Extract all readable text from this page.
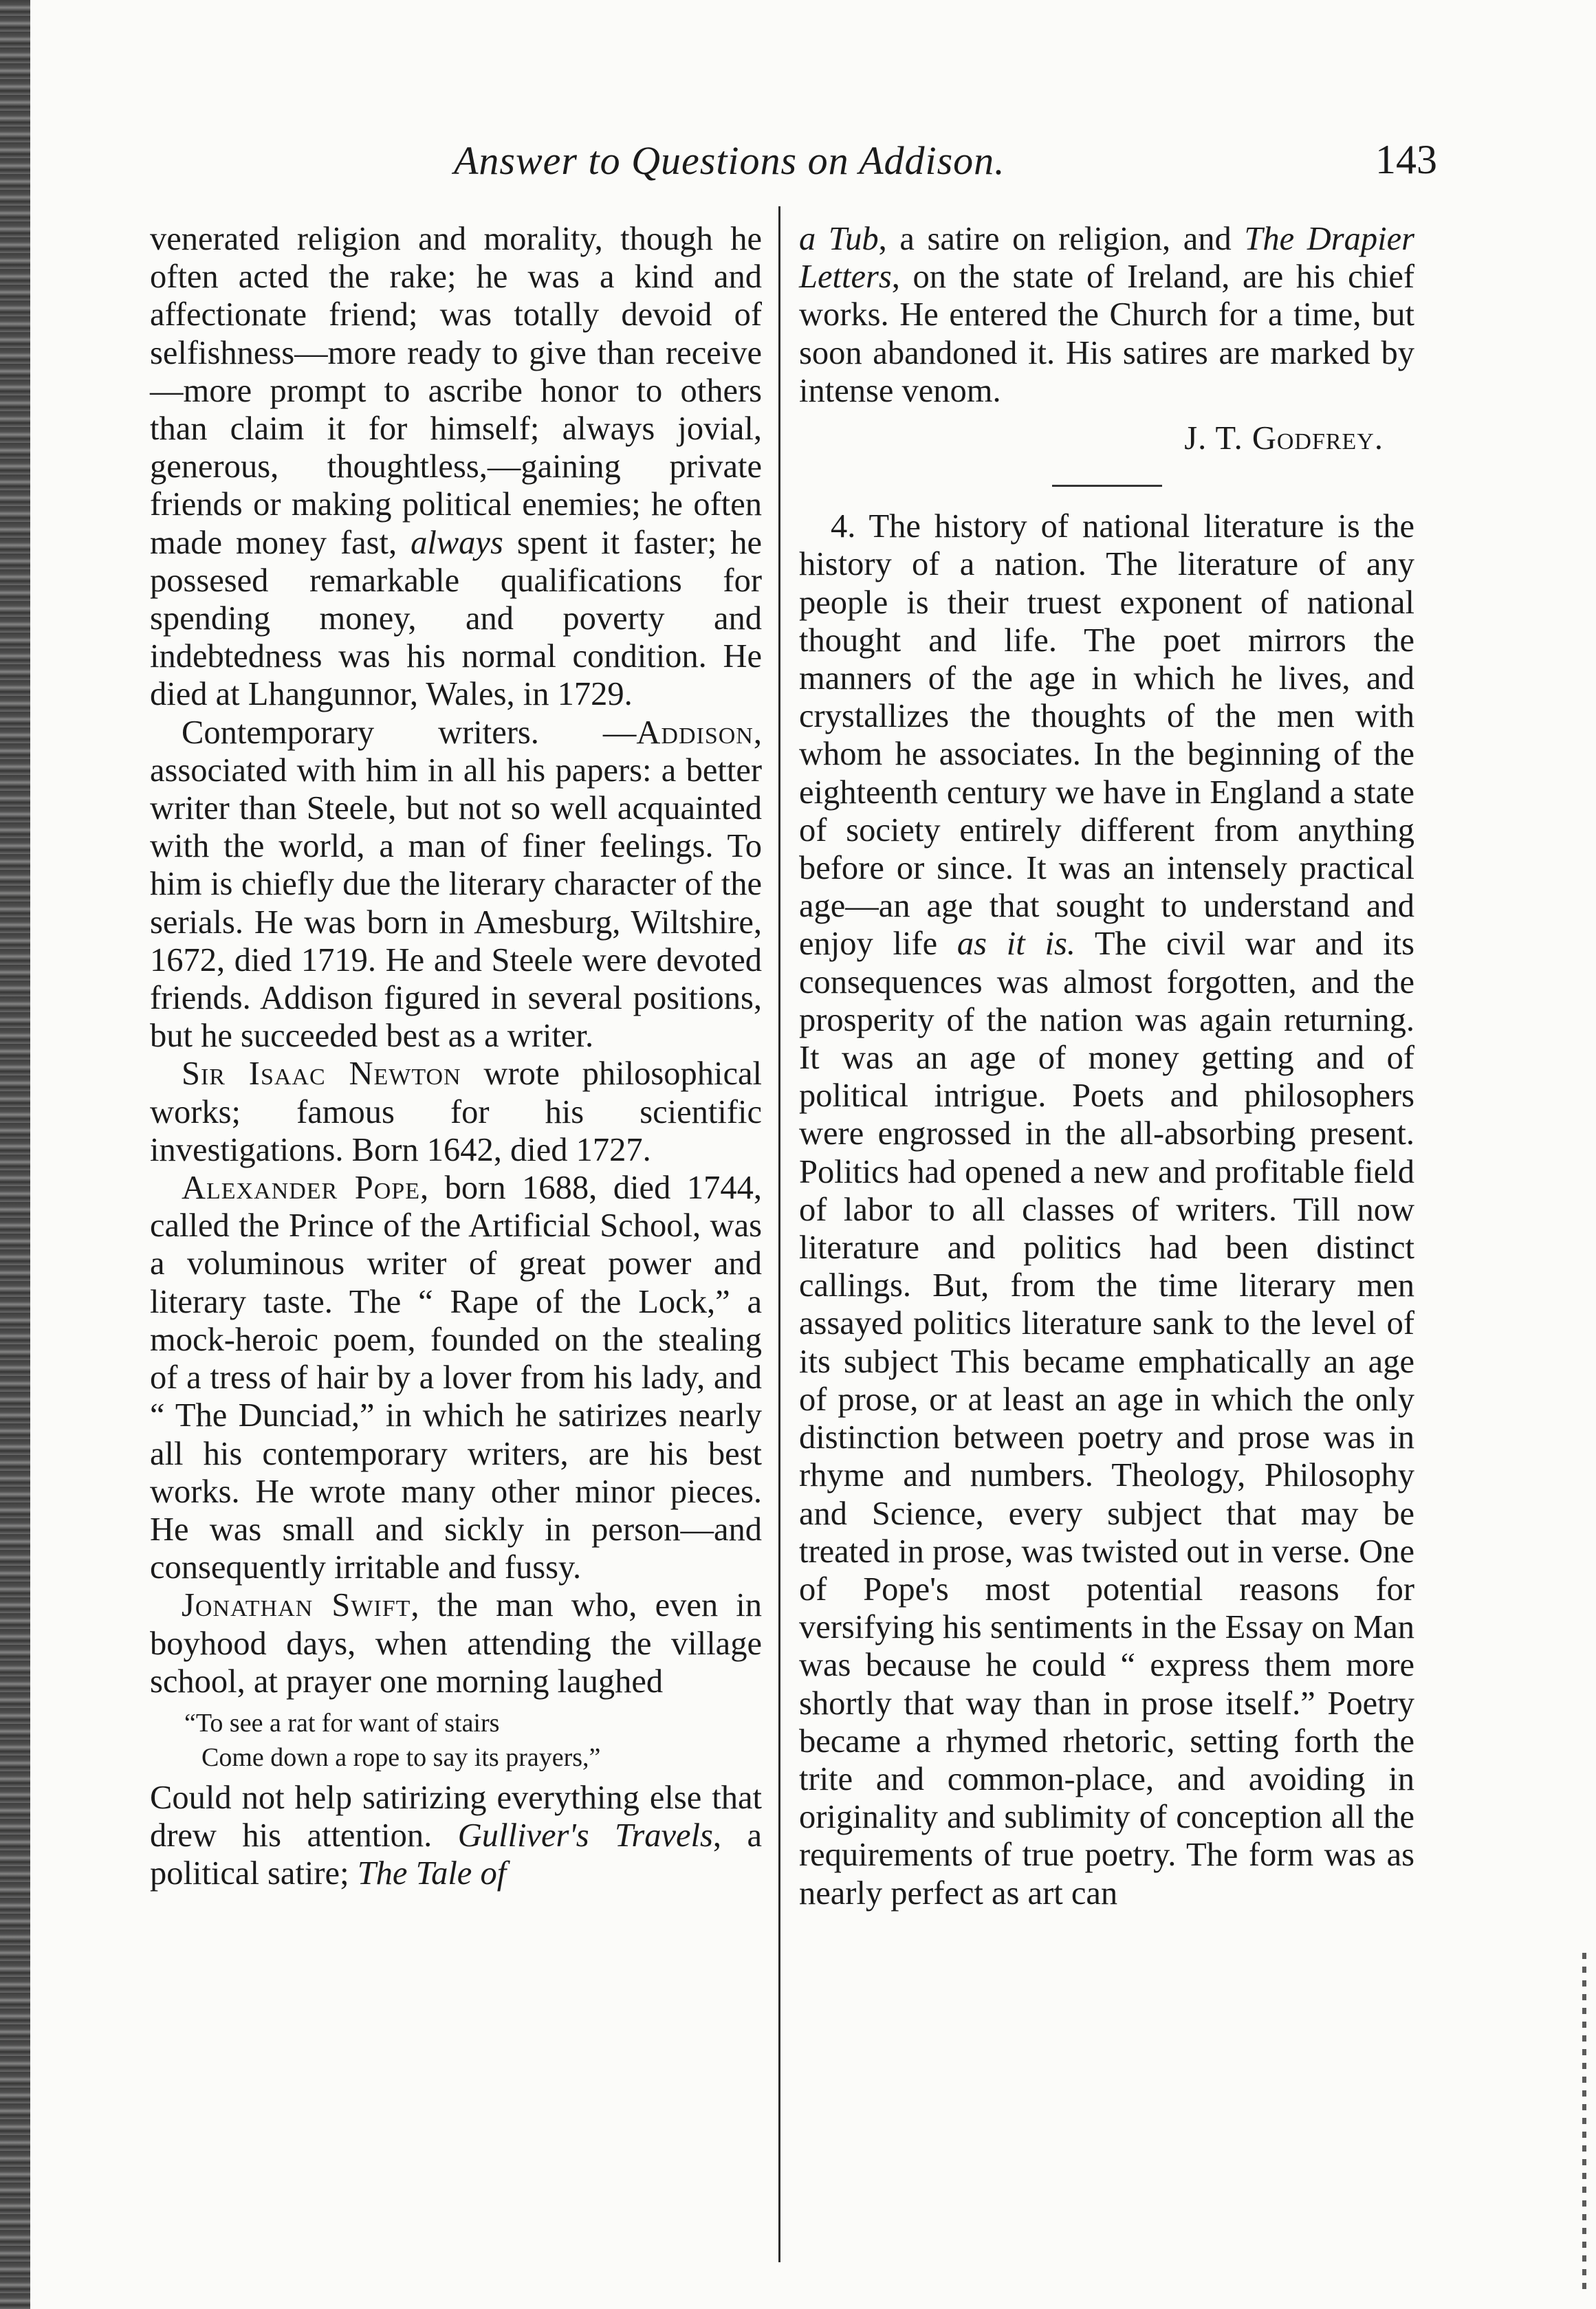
Answer to Questions on Addison.	143

venerated religion and morality, though he often acted the rake; he was a kind and affectionate friend; was totally devoid of selfishness—more ready to give than receive—more prompt to ascribe honor to others than claim it for himself; always jovial, generous, thoughtless,—gaining private friends or making political enemies; he often made money fast, always spent it faster; he possesed remarkable qualifications for spending money, and poverty and indebtedness was his normal condition. He died at Lhangunnor, Wales, in 1729.

Contemporary writers. —Addison, associated with him in all his papers: a better writer than Steele, but not so well acquainted with the world, a man of finer feelings. To him is chiefly due the literary character of the serials. He was born in Amesburg, Wiltshire, 1672, died 1719. He and Steele were devoted friends. Addison figured in several positions, but he succeeded best as a writer.

Sir Isaac Newton wrote philosophical works; famous for his scientific investigations. Born 1642, died 1727.

Alexander Pope, born 1688, died 1744, called the Prince of the Artificial School, was a voluminous writer of great power and literary taste. The “ Rape of the Lock,” a mock-heroic poem, founded on the stealing of a tress of hair by a lover from his lady, and “ The Dunciad,” in which he satirizes nearly all his contemporary writers, are his best works. He wrote many other minor pieces. He was small and sickly in person—and consequently irritable and fussy.

Jonathan Swift, the man who, even in boyhood days, when attending the village school, at prayer one morning laughed

“To see a rat for want of stairs
Come down a rope to say its prayers,”

Could not help satirizing everything else that drew his attention. Gulliver's Travels, a political satire; The Tale of

a Tub, a satire on religion, and The Drapier Letters, on the state of Ireland, are his chief works. He entered the Church for a time, but soon abandoned it. His satires are marked by intense venom.

J. T. Godfrey.

4. The history of national literature is the history of a nation. The literature of any people is their truest exponent of national thought and life. The poet mirrors the manners of the age in which he lives, and crystallizes the thoughts of the men with whom he associates. In the beginning of the eighteenth century we have in England a state of society entirely different from anything before or since. It was an intensely practical age—an age that sought to understand and enjoy life as it is. The civil war and its consequences was almost forgotten, and the prosperity of the nation was again returning. It was an age of money getting and of political intrigue. Poets and philosophers were engrossed in the all-absorbing present. Politics had opened a new and profitable field of labor to all classes of writers. Till now literature and politics had been distinct callings. But, from the time literary men assayed politics literature sank to the level of its subject This became emphatically an age of prose, or at least an age in which the only distinction between poetry and prose was in rhyme and numbers. Theology, Philosophy and Science, every subject that may be treated in prose, was twisted out in verse. One of Pope's most potential reasons for versifying his sentiments in the Essay on Man was because he could “ express them more shortly that way than in prose itself.” Poetry became a rhymed rhetoric, setting forth the trite and common-place, and avoiding in originality and sublimity of conception all the requirements of true poetry. The form was as nearly perfect as art can
